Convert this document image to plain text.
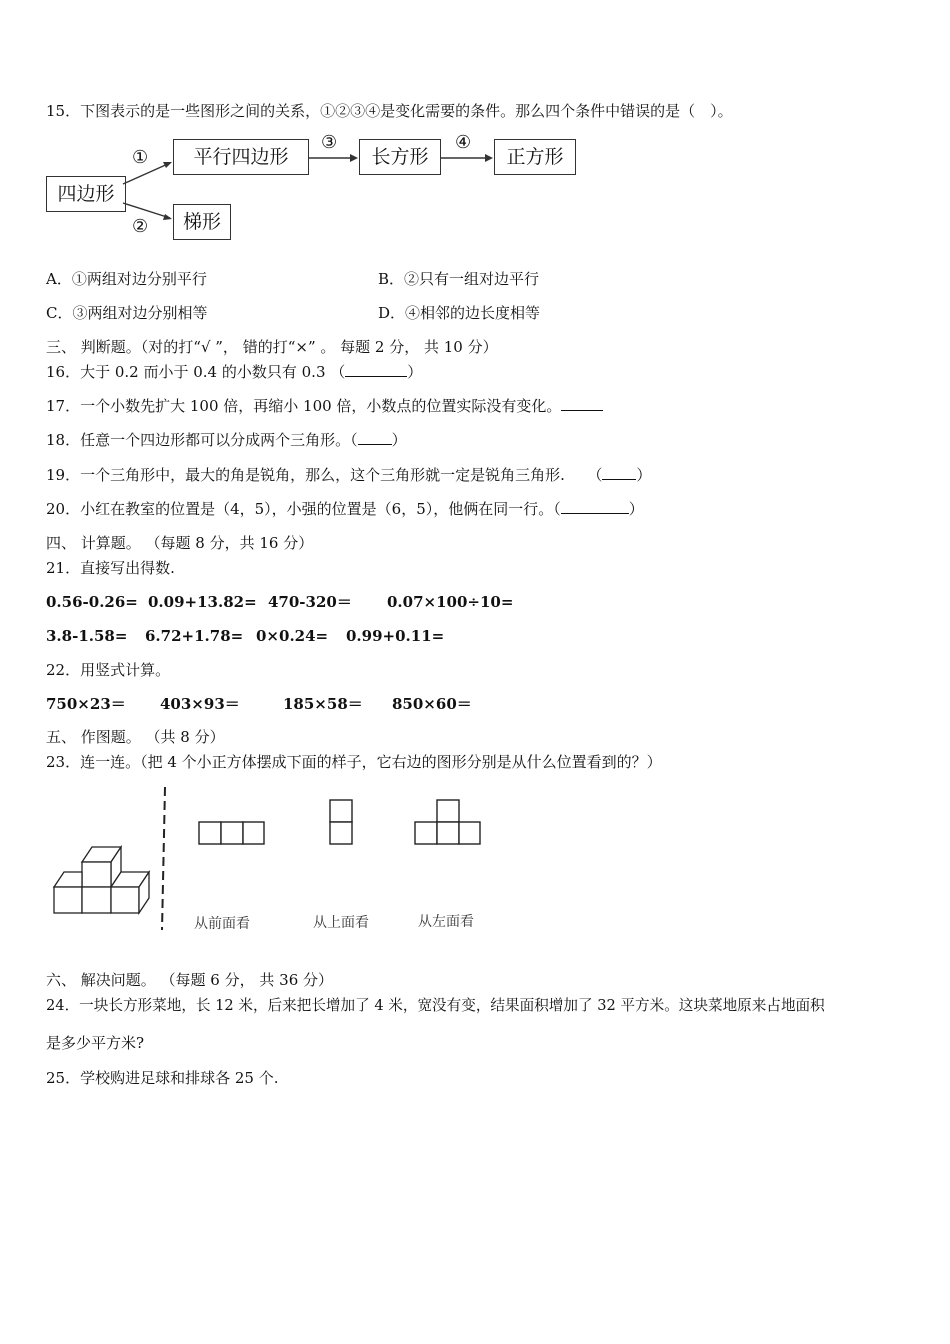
15．下图表示的是一些图形之间的关系，①②③④是变化需要的条件。那么四个条件中错误的是（　）。
四边形
平行四边形	长方形	正方形
梯形
①
②
③	④
A．①两组对边分别平行	B．②只有一组对边平行
C．③两组对边分别相等	D．④相邻的边长度相等
三、 判断题。（对的打“√ ”， 错的打“×” 。 每题 2 分， 共 10 分）
16．大于 0.2 而小于 0.4 的小数只有 0.3 （	）
17．一个小数先扩大 100 倍，再缩小 100 倍，小数点的位置实际没有变化。
18．任意一个四边形都可以分成两个三角形。（ ）
19．一个三角形中，最大的角是锐角，那么，这个三角形就一定是锐角三角形.　　（ ）
20．小红在教室的位置是（4，5），小强的位置是（6，5），他俩在同一行。（	）
四、 计算题。 （每题 8 分，共 16 分）
21．直接写出得数.
0.56-0.26= 0.09+13.82= 470-320＝ 0.07×100÷10=
3.8-1.58= 6.72+1.78= 0×0.24= 0.99+0.11=
22．用竖式计算。
750×23＝ 403×93＝	185×58＝ 850×60＝
五、 作图题。 （共 8 分）
23．连一连。（把 4 个小正方体摆成下面的样子，它右边的图形分别是从什么位置看到的？）
从前面看	从上面看	从左面看
六、 解决问题。 （每题 6 分， 共 36 分）
24．一块长方形菜地，长 12 米，后来把长增加了 4 米，宽没有变，结果面积增加了 32 平方米。这块菜地原来占地面积
是多少平方米?
25．学校购进足球和排球各 25 个.
